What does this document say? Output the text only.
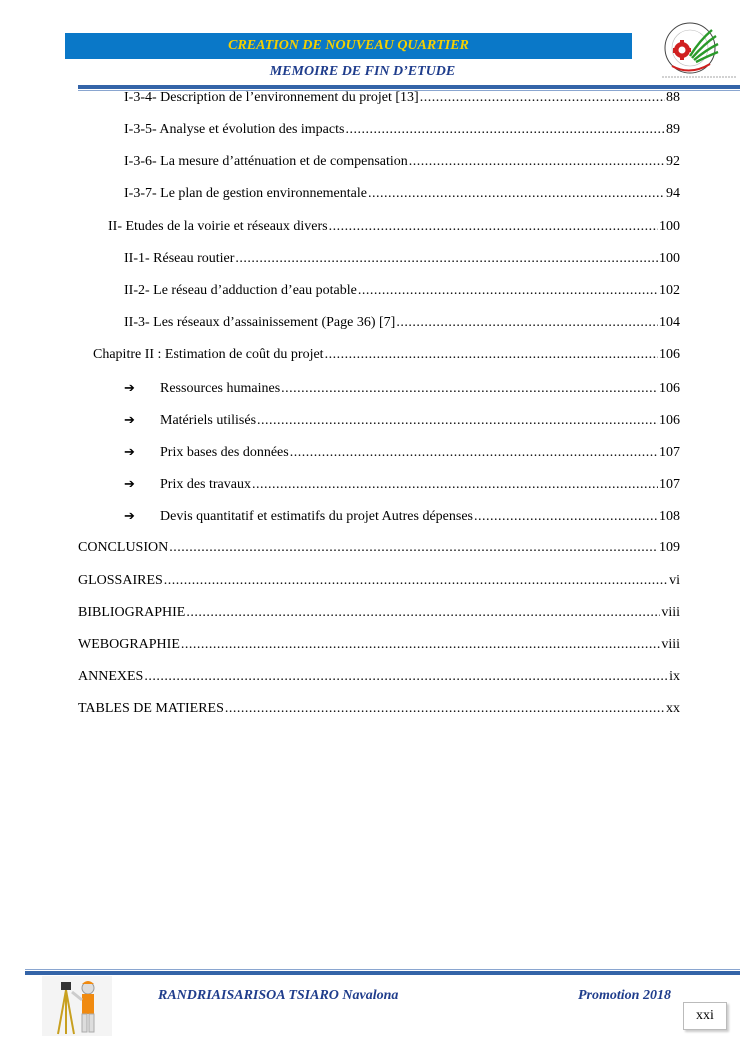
CREATION DE NOUVEAU QUARTIER
MEMOIRE DE FIN D’ETUDE
I-3-4- Description de l’environnement du projet [13] .....	88
I-3-5- Analyse et évolution des impacts .....	89
I-3-6- La mesure d’atténuation et de compensation .....	92
I-3-7- Le plan de gestion environnementale .....	94
II- Etudes de la voirie et réseaux divers .....	100
II-1- Réseau routier .....	100
II-2- Le réseau d’adduction d’eau potable .....	102
II-3- Les réseaux d’assainissement (Page 36) [7] .....	104
Chapitre II : Estimation de coût du projet .....	106
➔	Ressources humaines .....	106
➔	Matériels utilisés .....	106
➔	Prix bases des données .....	107
➔	Prix des travaux .....	107
➔	Devis quantitatif et estimatifs du projet Autres dépenses .....	108
CONCLUSION .....	109
GLOSSAIRES .....	vi
BIBLIOGRAPHIE .....	viii
WEBOGRAPHIE .....	viii
ANNEXES .....	ix
TABLES DE MATIERES .....	xx
RANDRIAISARISOA TSIARO Navalona	Promotion 2018
xxi
